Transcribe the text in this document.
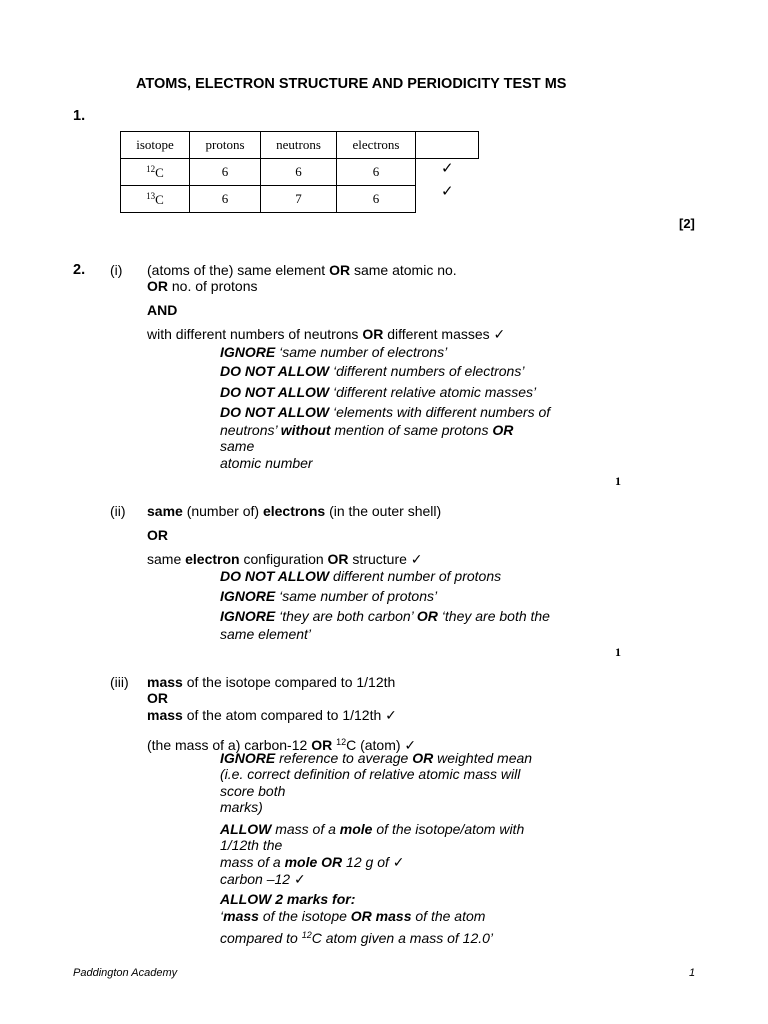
ATOMS, ELECTRON STRUCTURE AND PERIODICITY TEST MS
1.
isotope	protons	neutrons	electrons	
$^{12}$C	6	6	6	✓
$^{13}$C	6	7	6	✓
[2]
2. (i) (atoms of the) same element OR same atomic no.
OR no. of protons
AND
with different numbers of neutrons OR different masses ✓
IGNORE ‘same number of electrons’
DO NOT ALLOW ‘different numbers of electrons’
DO NOT ALLOW ‘different relative atomic masses’
DO NOT ALLOW ‘elements with different numbers of
neutrons’ without mention of same protons OR
same
atomic number
1
(ii) same (number of) electrons (in the outer shell)
OR
same electron configuration OR structure ✓
DO NOT ALLOW different number of protons
IGNORE ‘same number of protons’
IGNORE ‘they are both carbon’ OR ‘they are both the
same element’
1
(iii) mass of the isotope compared to 1/12th
OR
mass of the atom compared to 1/12th ✓
(the mass of a) carbon-12 OR $^{12}$C (atom) ✓
IGNORE reference to average OR weighted mean
(i.e. correct definition of relative atomic mass will
score both
marks)
ALLOW mass of a mole of the isotope/atom with
1/12th the
mass of a mole OR 12 g of ✓
carbon –12 ✓
ALLOW 2 marks for:
‘mass of the isotope OR mass of the atom
compared to $^{12}$C atom given a mass of 12.0’
Paddington Academy	1
